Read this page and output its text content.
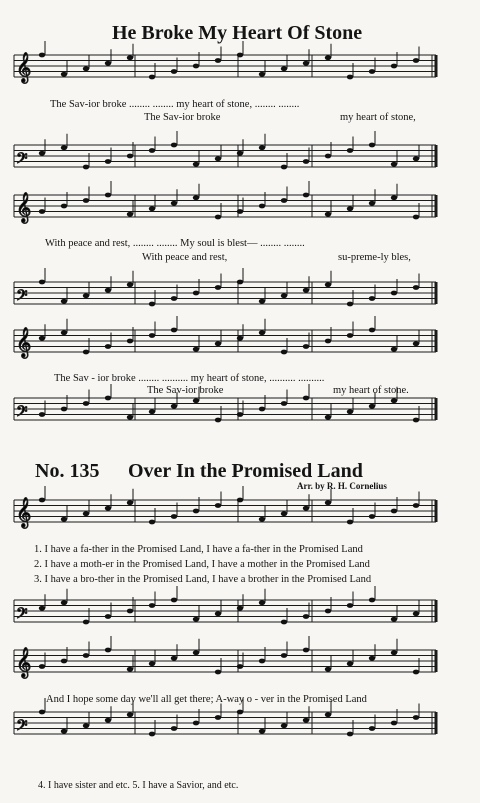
𝄞
𝄢
𝄞
𝄢
𝄞
𝄢
𝄞
𝄢
𝄞
𝄢
He Broke My Heart Of Stone
The Sav-ior broke ........ ........ my heart of stone, ........ ........
The Sav-ior broke	my heart of stone,
With peace and rest, ........ ........ My soul is blest— ........ ........
With peace and rest,	su-preme-ly bles,
The Sav - ior broke ........ .......... my heart of stone, .......... ..........
The Sav-ior broke	my heart of stone.
No. 135 Over In the Promised Land
Arr. by R. H. Cornelius
1. I have a fa-ther in the Promised Land, I have a fa-ther in the Promised Land
2. I have a moth-er in the Promised Land, I have a mother in the Promised Land
3. I have a bro-ther in the Promised Land, I have a brother in the Promised Land
And I hope some day we'll all get there; A-way o - ver in the Promised Land
4. I have sister and etc. 5. I have a Savior, and etc.
